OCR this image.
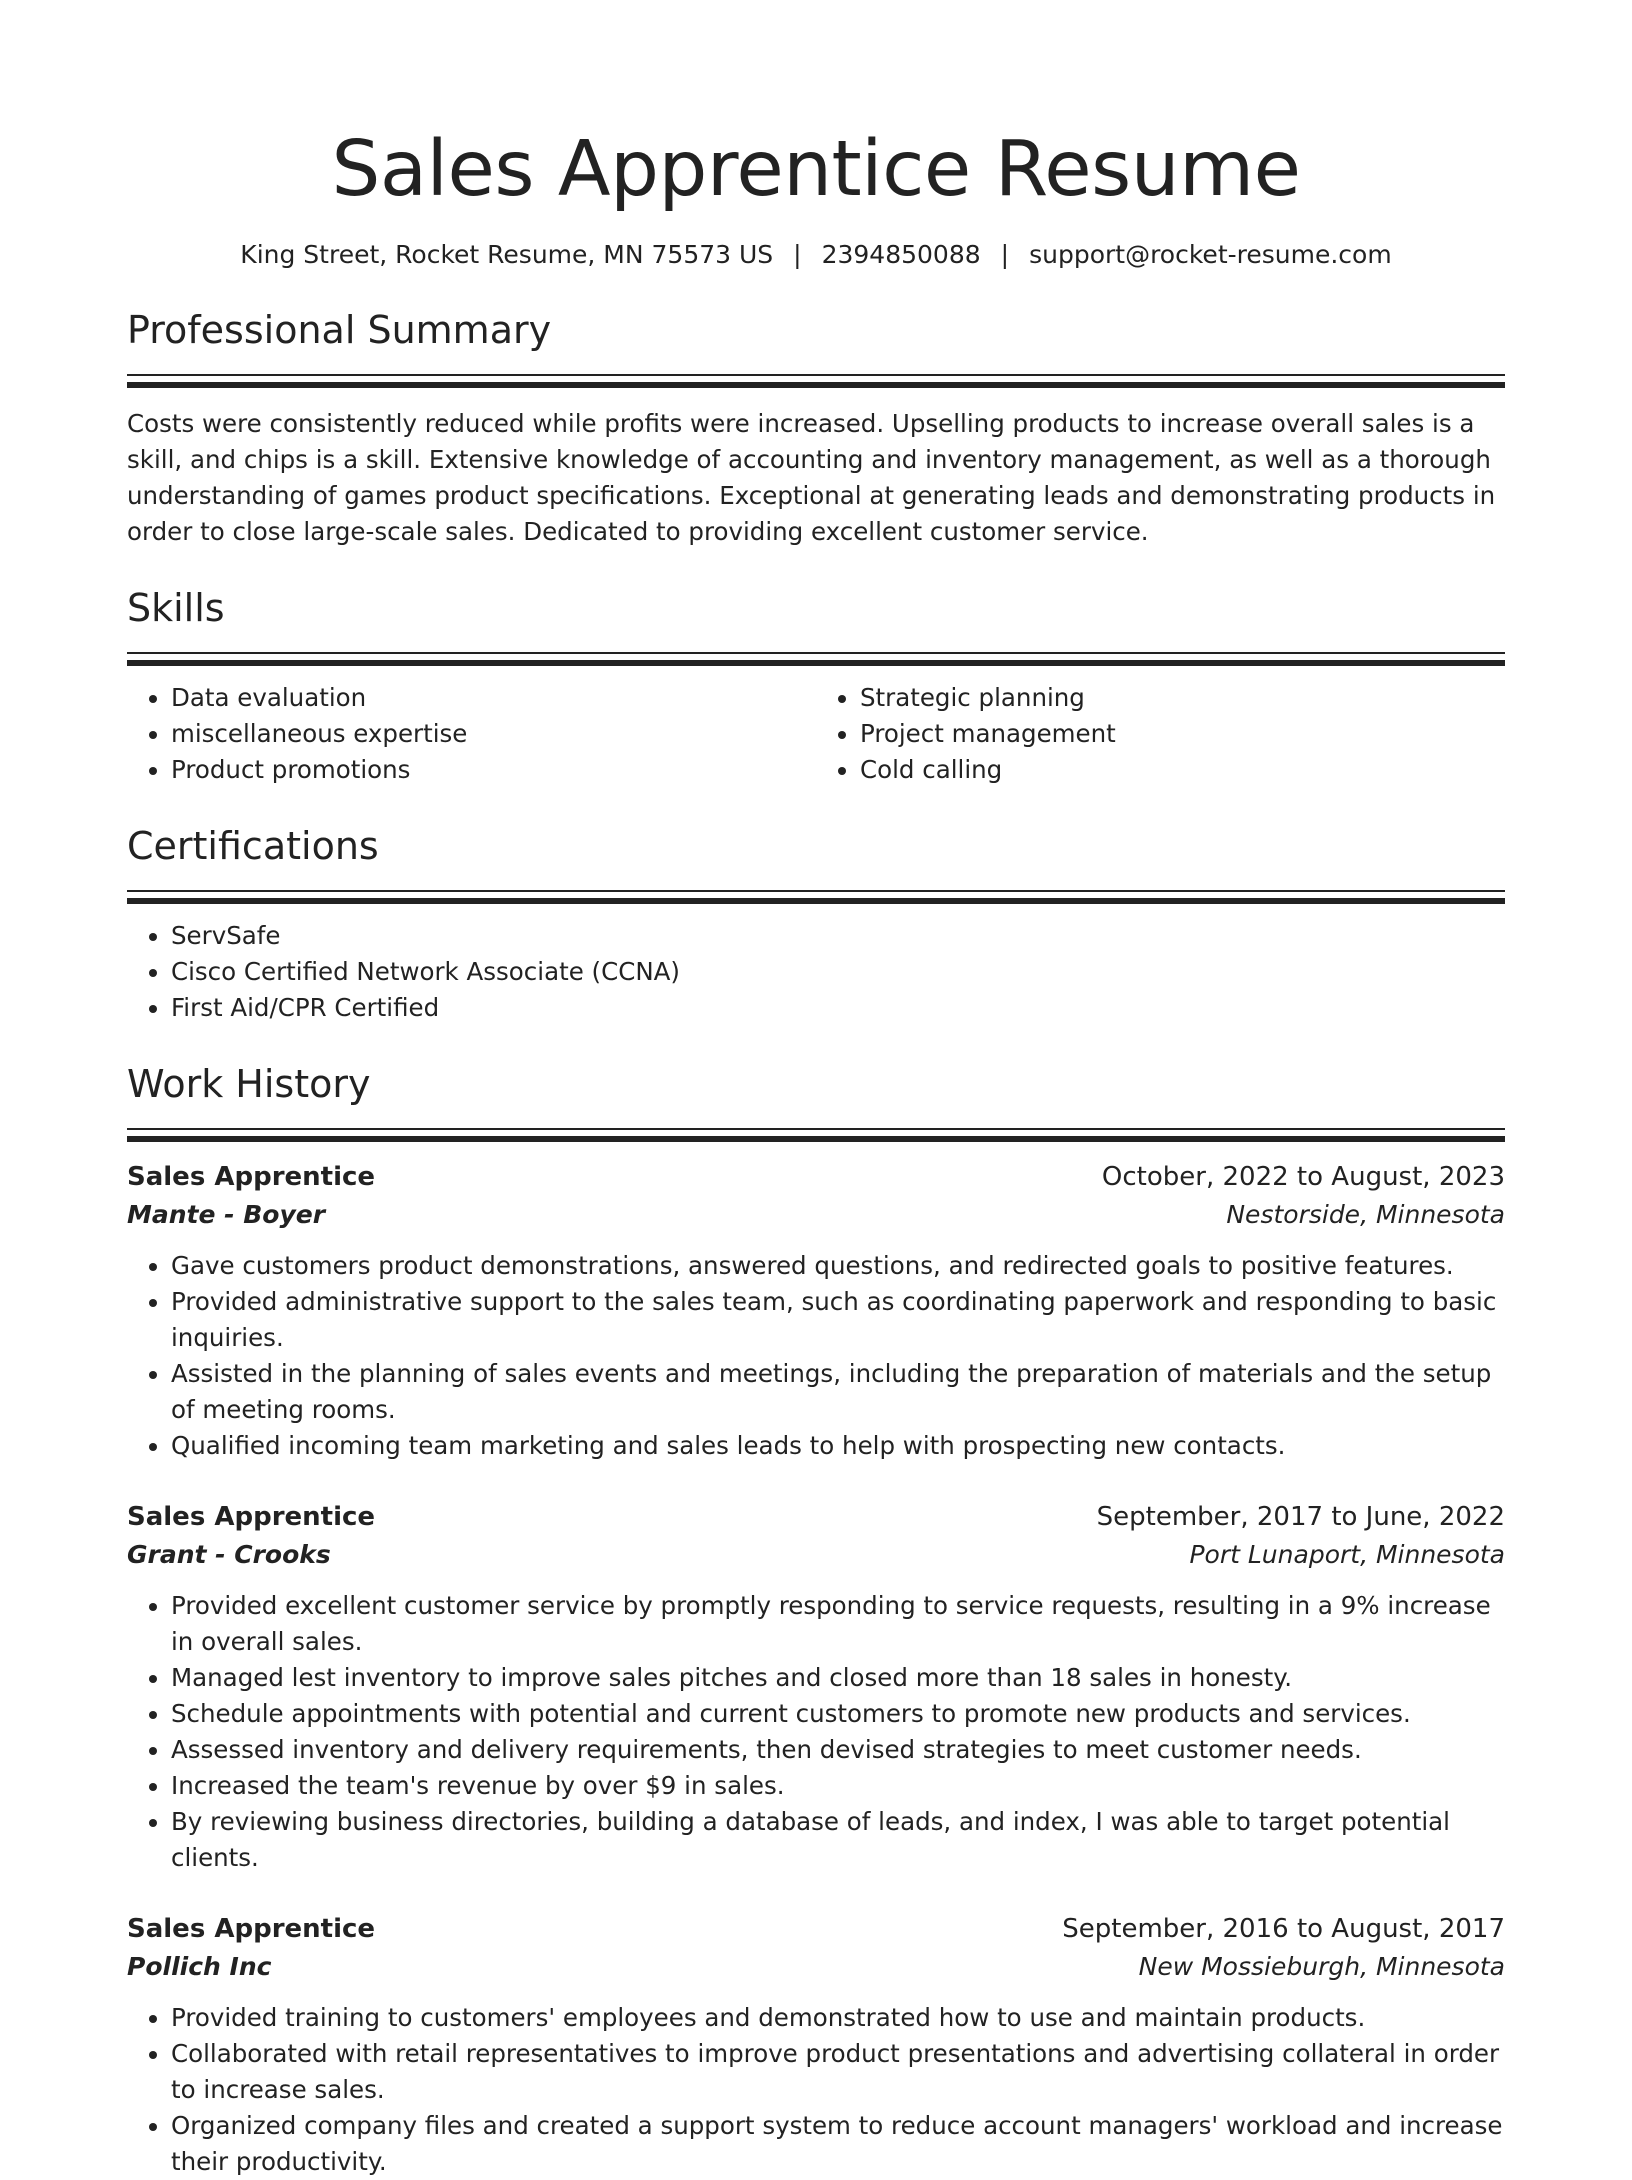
Sales Apprentice Resume
King Street, Rocket Resume, MN 75573 US | 2394850088 | support@rocket-resume.com
Professional Summary

Costs were consistently reduced while profits were increased. Upselling products to increase overall sales is a skill, and chips is a skill. Extensive knowledge of accounting and inventory management, as well as a thorough understanding of games product specifications. Exceptional at generating leads and demonstrating products in order to close large-scale sales. Dedicated to providing excellent customer service.

Skills
• Data evaluation
• miscellaneous expertise
• Product promotions
• Strategic planning
• Project management
• Cold calling
Certifications
• ServSafe
• Cisco Certified Network Associate (CCNA)
• First Aid/CPR Certified
Work History
Sales Apprentice	October, 2022 to August, 2023
Mante - Boyer	Nestorside, Minnesota
• Gave customers product demonstrations, answered questions, and redirected goals to positive features.
• Provided administrative support to the sales team, such as coordinating paperwork and responding to basic inquiries.
• Assisted in the planning of sales events and meetings, including the preparation of materials and the setup of meeting rooms.
• Qualified incoming team marketing and sales leads to help with prospecting new contacts.
Sales Apprentice	September, 2017 to June, 2022
Grant - Crooks	Port Lunaport, Minnesota
• Provided excellent customer service by promptly responding to service requests, resulting in a 9% increase in overall sales.
• Managed lest inventory to improve sales pitches and closed more than 18 sales in honesty.
• Schedule appointments with potential and current customers to promote new products and services.
• Assessed inventory and delivery requirements, then devised strategies to meet customer needs.
• Increased the team's revenue by over $9 in sales.
• By reviewing business directories, building a database of leads, and index, I was able to target potential clients.
Sales Apprentice	September, 2016 to August, 2017
Pollich Inc	New Mossieburgh, Minnesota
• Provided training to customers' employees and demonstrated how to use and maintain products.
• Collaborated with retail representatives to improve product presentations and advertising collateral in order to increase sales.
• Organized company files and created a support system to reduce account managers' workload and increase their productivity.
